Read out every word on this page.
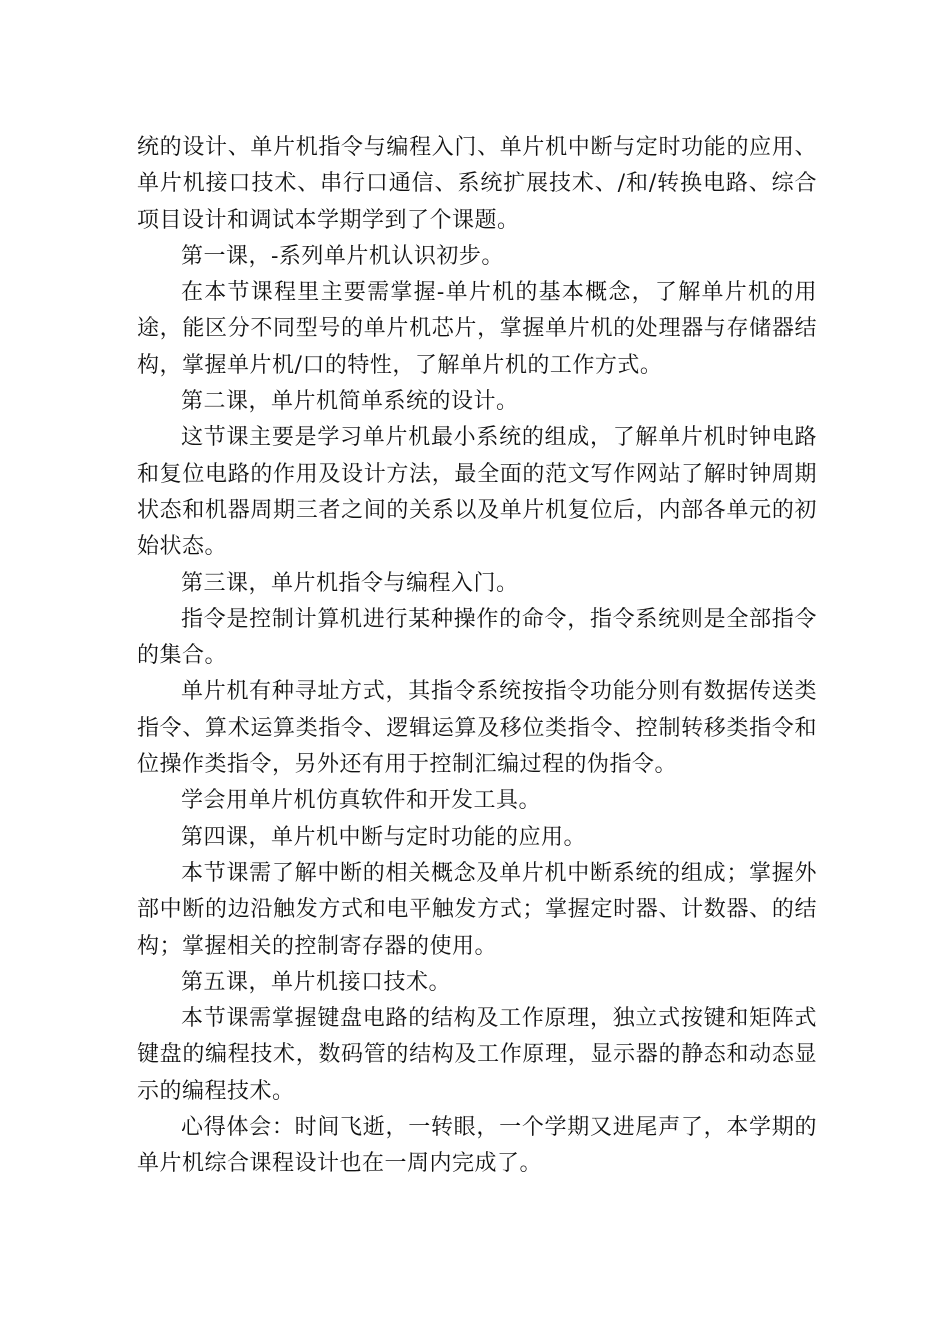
统的设计、单片机指令与编程入门、单片机中断与定时功能的应用、单片机接口技术、串行口通信、系统扩展技术、/和/转换电路、综合项目设计和调试本学期学到了个课题。

第一课，-系列单片机认识初步。

在本节课程里主要需掌握-单片机的基本概念，了解单片机的用途，能区分不同型号的单片机芯片，掌握单片机的处理器与存储器结构，掌握单片机/口的特性，了解单片机的工作方式。

第二课，单片机简单系统的设计。

这节课主要是学习单片机最小系统的组成，了解单片机时钟电路和复位电路的作用及设计方法，最全面的范文写作网站了解时钟周期状态和机器周期三者之间的关系以及单片机复位后，内部各单元的初始状态。

第三课，单片机指令与编程入门。

指令是控制计算机进行某种操作的命令，指令系统则是全部指令的集合。

单片机有种寻址方式，其指令系统按指令功能分则有数据传送类指令、算术运算类指令、逻辑运算及移位类指令、控制转移类指令和位操作类指令，另外还有用于控制汇编过程的伪指令。

学会用单片机仿真软件和开发工具。

第四课，单片机中断与定时功能的应用。

本节课需了解中断的相关概念及单片机中断系统的组成；掌握外部中断的边沿触发方式和电平触发方式；掌握定时器、计数器、的结构；掌握相关的控制寄存器的使用。

第五课，单片机接口技术。

本节课需掌握键盘电路的结构及工作原理，独立式按键和矩阵式键盘的编程技术，数码管的结构及工作原理，显示器的静态和动态显示的编程技术。

心得体会：时间飞逝，一转眼，一个学期又进尾声了，本学期的单片机综合课程设计也在一周内完成了。
